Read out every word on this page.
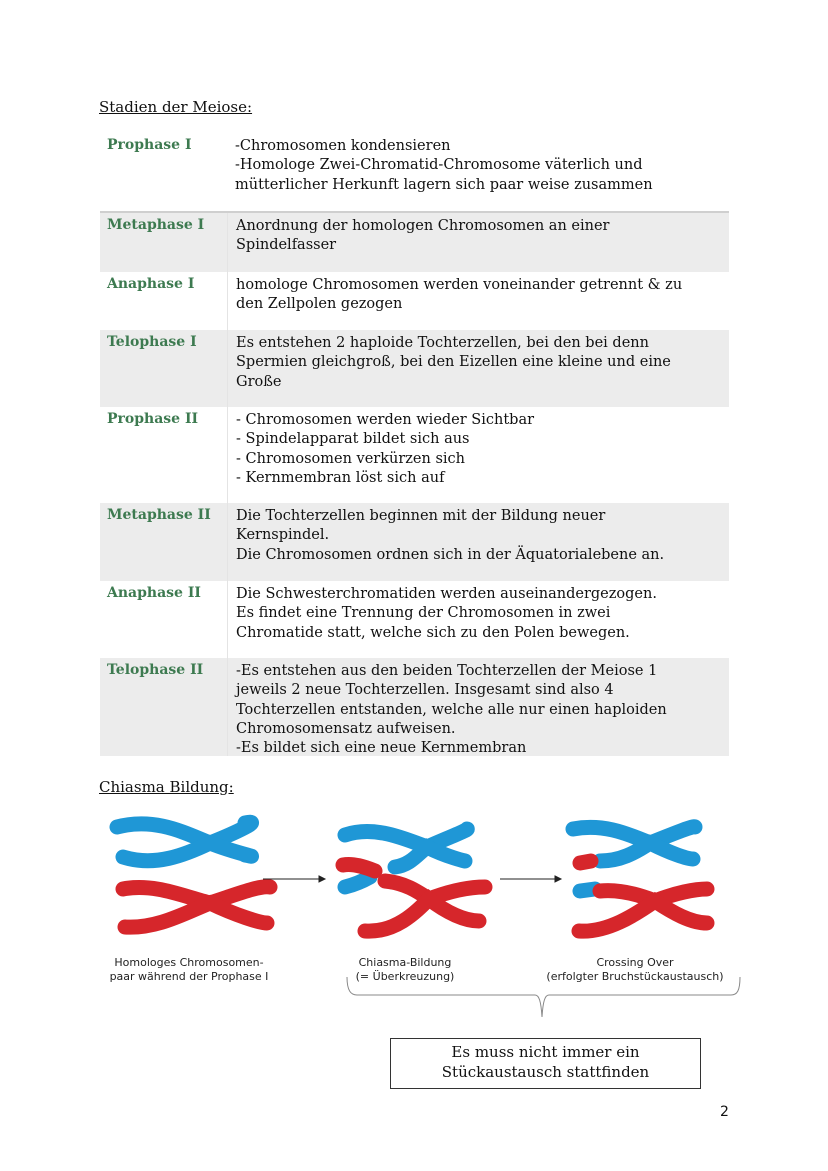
Stadien der Meiose:
Prophase I	-Chromosomen kondensieren
-Homologe Zwei-Chromatid-Chromosome väterlich und
mütterlicher Herkunft lagern sich paar weise zusammen
Metaphase I	Anordnung der homologen Chromosomen an einer
Spindelfasser
Anaphase I	homologe Chromosomen werden voneinander getrennt & zu
den Zellpolen gezogen
Telophase I	Es entstehen 2 haploide Tochterzellen, bei den bei denn
Spermien gleichgroß, bei den Eizellen eine kleine und eine
Große
Prophase II	- Chromosomen werden wieder Sichtbar
- Spindelapparat bildet sich aus
- Chromosomen verkürzen sich
- Kernmembran löst sich auf
Metaphase II	Die Tochterzellen beginnen mit der Bildung neuer
Kernspindel.
Die Chromosomen ordnen sich in der Äquatorialebene an.
Anaphase II	Die Schwesterchromatiden werden auseinandergezogen.
Es findet eine Trennung der Chromosomen in zwei
Chromatide statt, welche sich zu den Polen bewegen.
Telophase II	-Es entstehen aus den beiden Tochterzellen der Meiose 1
jeweils 2 neue Tochterzellen. Insgesamt sind also 4
Tochterzellen entstanden, welche alle nur einen haploiden
Chromosomensatz aufweisen.
-Es bildet sich eine neue Kernmembran
Chiasma Bildung:
Homologes Chromosomen-
paar während der Prophase I
Chiasma-Bildung
(= Überkreuzung)
Crossing Over
(erfolgter Bruchstückaustausch)
Es muss nicht immer ein
Stückaustausch stattfinden
2
